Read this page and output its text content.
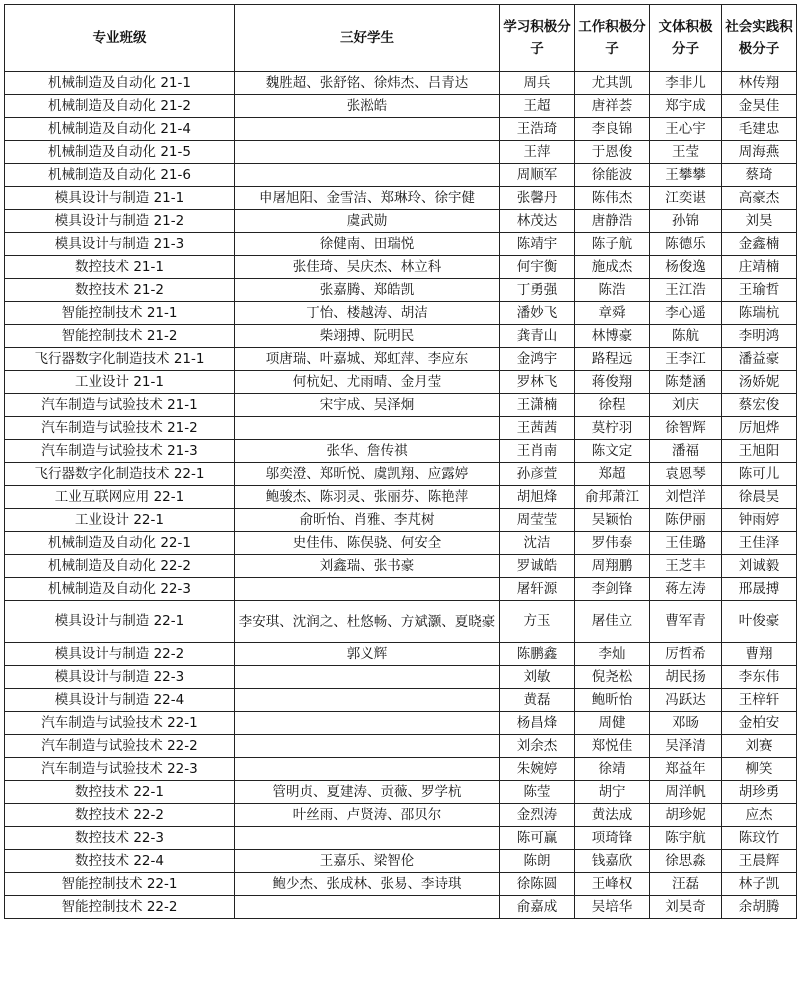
专业班级	三好学生	学习积极分子	工作积极分子	文体积极分子	社会实践积极分子
机械制造及自动化 21-1	魏胜超、张舒铭、徐炜杰、吕青达	周兵	尤其凯	李非儿	林传翔
机械制造及自动化 21-2	张淞皓	王超	唐祥荟	郑宇成	金昊佳
机械制造及自动化 21-4		王浩琦	李良锦	王心宇	毛建忠
机械制造及自动化 21-5		王萍	于恩俊	王莹	周海燕
机械制造及自动化 21-6		周顺军	徐能波	王攀攀	蔡琦
模具设计与制造 21-1	申屠旭阳、金雪洁、郑琳玲、徐宇健	张馨丹	陈伟杰	江奕谌	高豪杰
模具设计与制造 21-2	虞武勋	林茂达	唐静浩	孙锦	刘昊
模具设计与制造 21-3	徐健南、田瑞悦	陈靖宇	陈子航	陈德乐	金鑫楠
数控技术 21-1	张佳琦、吴庆杰、林立科	何宇衡	施成杰	杨俊逸	庄靖楠
数控技术 21-2	张嘉腾、郑皓凯	丁勇强	陈浩	王江浩	王瑜哲
智能控制技术 21-1	丁怡、楼越涛、胡洁	潘妙飞	章舜	李心遥	陈瑞杭
智能控制技术 21-2	柴翊搏、阮明民	龚青山	林博豪	陈航	李明鸿
飞行器数字化制造技术 21-1	项唐瑞、叶嘉城、郑虹萍、李应东	金鸿宇	路程远	王李江	潘益豪
工业设计 21-1	何杭妃、尤雨晴、金月莹	罗林飞	蒋俊翔	陈楚涵	汤娇妮
汽车制造与试验技术 21-1	宋宇成、吴泽炯	王潇楠	徐程	刘庆	蔡宏俊
汽车制造与试验技术 21-2		王茜茜	莫柠羽	徐智辉	厉旭烨
汽车制造与试验技术 21-3	张华、詹传祺	王肖南	陈文定	潘福	王旭阳
飞行器数字化制造技术 22-1	邬奕澄、郑昕悦、虞凯翔、应露婷	孙彦萱	郑超	袁恩琴	陈可儿
工业互联网应用 22-1	鲍骏杰、陈羽灵、张丽芬、陈艳萍	胡旭烽	俞邦萧江	刘恺洋	徐晨昊
工业设计 22-1	俞昕怡、肖雅、李芃树	周莹莹	吴颖怡	陈伊丽	钟雨婷
机械制造及自动化 22-1	史佳伟、陈俣骁、何安全	沈洁	罗伟泰	王佳璐	王佳泽
机械制造及自动化 22-2	刘鑫瑞、张书豪	罗诚皓	周翔鹏	王芝丰	刘诚毅
机械制造及自动化 22-3		屠轩源	李剑锋	蒋左涛	邢晟搏
模具设计与制造 22-1	李安琪、沈润之、杜悠畅、方斌灏、夏晓豪	方玉	屠佳立	曹军青	叶俊豪
模具设计与制造 22-2	郭义辉	陈鹏鑫	李灿	厉哲希	曹翔
模具设计与制造 22-3		刘敏	倪尧松	胡民扬	李东伟
模具设计与制造 22-4		黄磊	鲍昕怡	冯跃达	王梓轩
汽车制造与试验技术 22-1		杨昌烽	周健	邓旸	金柏安
汽车制造与试验技术 22-2		刘余杰	郑悦佳	吴泽清	刘赛
汽车制造与试验技术 22-3		朱婉婷	徐靖	郑益年	柳笑
数控技术 22-1	管明贞、夏建涛、贡薇、罗学杭	陈莹	胡宁	周洋帆	胡珍勇
数控技术 22-2	叶丝雨、卢贤涛、邵贝尔	金烈涛	黄法成	胡珍妮	应杰
数控技术 22-3		陈可赢	项琦锋	陈宇航	陈玟竹
数控技术 22-4	王嘉乐、梁智伦	陈朗	钱嘉欣	徐思淼	王晨辉
智能控制技术 22-1	鲍少杰、张成林、张易、李诗琪	徐陈圆	王峰权	汪磊	林子凯
智能控制技术 22-2		俞嘉成	吴培华	刘昊奇	余胡腾
